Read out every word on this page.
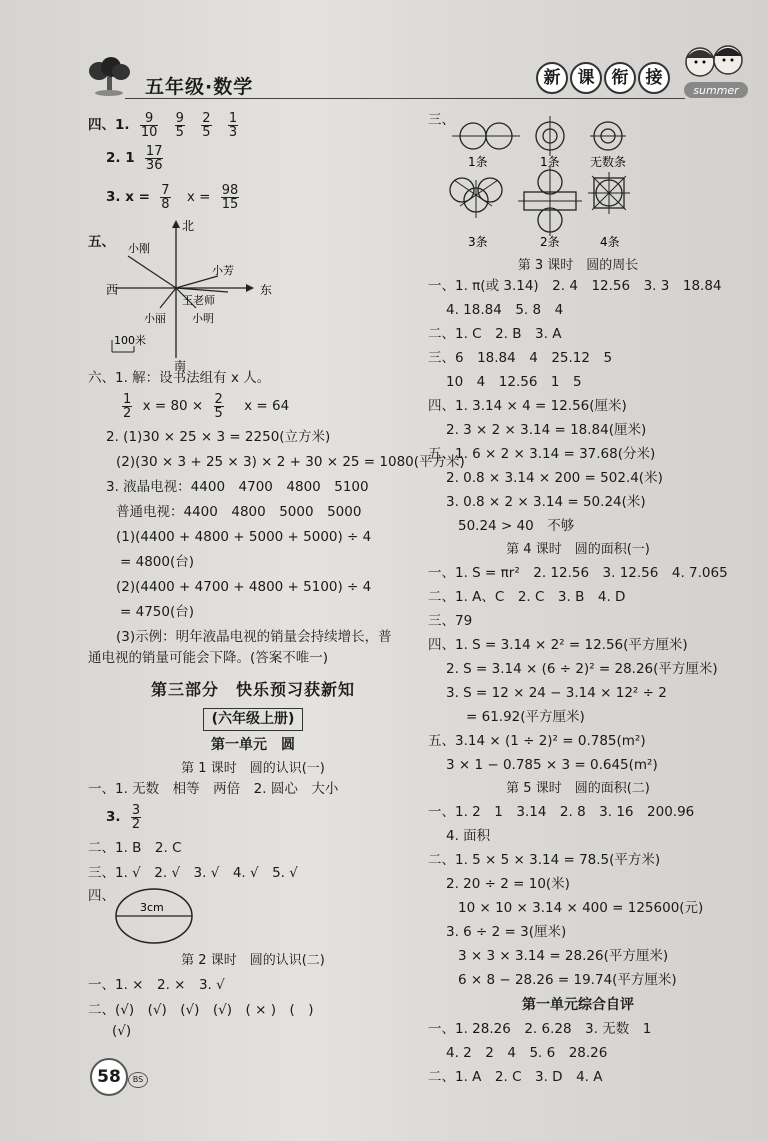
五年级·数学	新	课	衔	接
summer
四、1. $\frac{9}{10}$
$\frac{9}{5}$
$\frac{2}{5}$
$\frac{1}{3}$
2. $1 \frac{17}{36}$
3. $x = \frac{7}{8}$ $x = \frac{98}{15}$
五、
北
南
东
西
小刚
小芳
王老师
小丽 小明
100米
六、1. 解：设书法组有 x 人。
$\frac{1}{2}$ $x = 80 \times \frac{2}{5}$ x = 64
2. (1)30 × 25 × 3 = 2250(立方米)
(2)(30 × 3 + 25 × 3) × 2 + 30 × 25 = 1080(平方米)
3. 液晶电视：4400　4700　4800　5100
普通电视：4400　4800　5000　5000
(1)(4400 + 4800 + 5000 + 5000) ÷ 4
= 4800(台)
(2)(4400 + 4700 + 4800 + 5100) ÷ 4
= 4750(台)
(3)示例：明年液晶电视的销量会持续增长，普
通电视的销量可能会下降。(答案不唯一)
第三部分　快乐预习获新知
(六年级上册)
第一单元　圆
第 1 课时　圆的认识(一)
一、1. 无数　相等　两倍　2. 圆心　大小
3. $\frac{3}{2}$
二、1. B　2. C
三、1. √　2. √　3. √　4. √　5. √
四、
3cm
第 2 课时　圆的认识(二)
一、1. ×　2. ×　3. √
二、(√)　(√)　(√)　(√)　( × )　(　)
(√)
三、
1条	1条	无数条
3条	2条	4条
第 3 课时　圆的周长
一、1. π(或 3.14)　2. 4　12.56　3. 3　18.84
4. 18.84　5. 8　4
二、1. C　2. B　3. A
三、6　18.84　4　25.12　5
10　4　12.56　1　5
四、1. 3.14 × 4 = 12.56(厘米)
2. 3 × 2 × 3.14 = 18.84(厘米)
五、1. 6 × 2 × 3.14 = 37.68(分米)
2. 0.8 × 3.14 × 200 = 502.4(米)
3. 0.8 × 2 × 3.14 = 50.24(米)
50.24 > 40　不够
第 4 课时　圆的面积(一)
一、1. S = πr²　2. 12.56　3. 12.56　4. 7.065
二、1. A、C　2. C　3. B　4. D
三、79
四、1. S = 3.14 × 2² = 12.56(平方厘米)
2. S = 3.14 × (6 ÷ 2)² = 28.26(平方厘米)
3. S = 12 × 24 − 3.14 × 12² ÷ 2
= 61.92(平方厘米)
五、3.14 × (1 ÷ 2)² = 0.785(m²)
3 × 1 − 0.785 × 3 = 0.645(m²)
第 5 课时　圆的面积(二)
一、1. 2　1　3.14　2. 8　3. 16　200.96
4. 面积
二、1. 5 × 5 × 3.14 = 78.5(平方米)
2. 20 ÷ 2 = 10(米)
10 × 10 × 3.14 × 400 = 125600(元)
3. 6 ÷ 2 = 3(厘米)
3 × 3 × 3.14 = 28.26(平方厘米)
6 × 8 − 28.26 = 19.74(平方厘米)
第一单元综合自评
一、1. 28.26　2. 6.28　3. 无数　1
4. 2　2　4　5. 6　28.26
二、1. A　2. C　3. D　4. A
58	BS
